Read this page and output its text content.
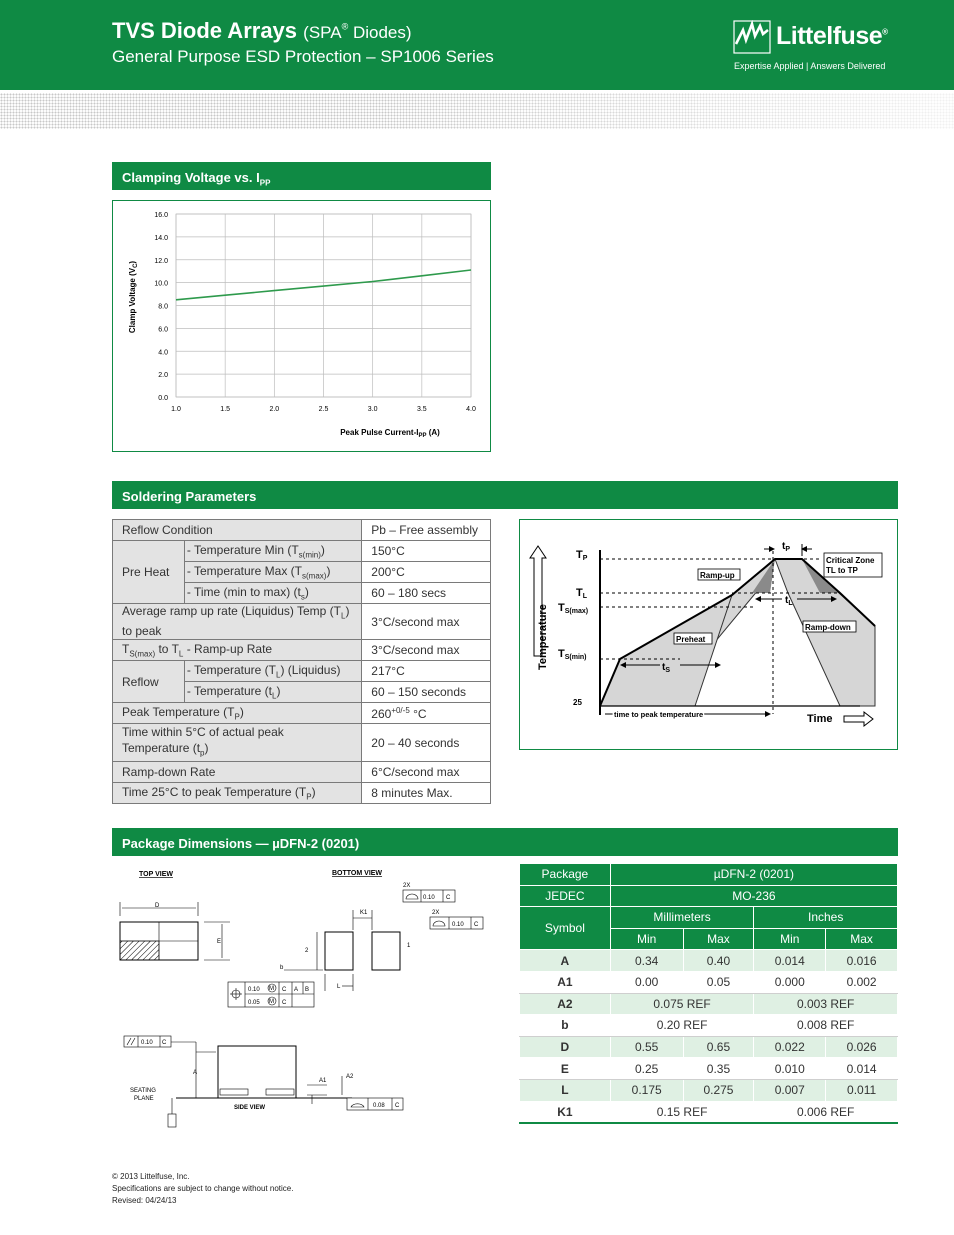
TVS Diode Arrays (SPA® Diodes)
General Purpose ESD Protection – SP1006 Series
Littelfuse®
Expertise Applied | Answers Delivered
Clamping Voltage vs. $I_{PP}$
0.0
2.0
4.0
6.0
8.0
10.0
12.0
14.0
16.0
1.0	1.5	2.0	2.5	3.0	3.5	4.0
Peak Pulse Current-$I_{PP}$ (A)
Clamp Voltage $(V_C)$
Soldering Parameters
Reflow Condition		Pb – Free assembly
Pre Heat	- Temperature Min $(T_{s(min)})$	150°C
	- Temperature Max $(T_{s(max)})$	200°C
	- Time (min to max) $(t_s)$	60 – 180 secs
Average ramp up rate (Liquidus) Temp $(T_L)$
to peak		3°C/second max
$T_{S(max)}$ to $T_L$ - Ramp-up Rate		3°C/second max
Reflow	- Temperature $(T_L)$ (Liquidus)	217°C
	- Temperature $(t_L)$	60 – 150 seconds
Peak Temperature $(T_P)$		$260^{+0/-5}$ °C
Time within 5°C of actual peak
Temperature $(t_p)$		20 – 40 seconds
Ramp-down Rate		6°C/second max
Time 25°C to peak Temperature $(T_P)$		8 minutes Max.
Temperature
Time
TP
TL
TS(max)
TS(min)
25
$t_P$
$t_L$
$t_S$
Ramp-up
Ramp-down
Preheat
Critical Zone
TL to TP
time to peak temperature
Package Dimensions — µDFN-2 (0201)
TOP VIEW	BOTTOM VIEW
D
E
K1
2
1
b
L
0.10 C
2X
0.10 C
2X
0.10
0.05
M
M
C A B
C
0.10 C
A
SEATING
PLANE
SIDE VIEW
A1
A2
0.08 C
Package	µDFN-2 (0201)			
JEDEC	MO-236			
Symbol	Millimeters		Inches	
	Min	Max	Min	Max
A	0.34	0.40	0.014	0.016
A1	0.00	0.05	0.000	0.002
A2	0.075 REF		0.003 REF	
b	0.20 REF		0.008 REF	
D	0.55	0.65	0.022	0.026
E	0.25	0.35	0.010	0.014
L	0.175	0.275	0.007	0.011
K1	0.15 REF		0.006 REF	
© 2013 Littelfuse, Inc.
Specifications are subject to change without notice.
Revised: 04/24/13
